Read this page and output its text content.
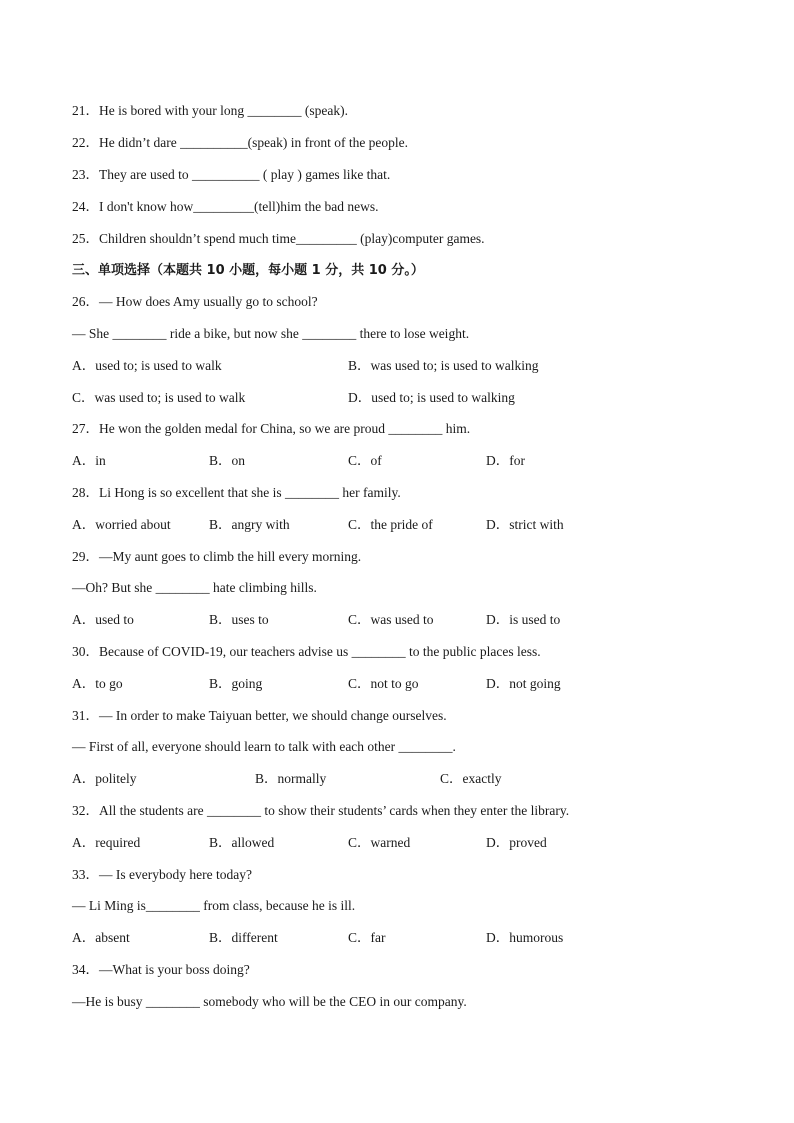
21．He is bored with your long ________ (speak).
22．He didn’t dare __________(speak) in front of the people.
23．They are used to __________ ( play ) games like that.
24．I don't know how_________(tell)him the bad news.
25．Children shouldn’t spend much time_________ (play)computer games.
三、单项选择（本题共 10 小题，每小题 1 分，共 10 分。）
26．— How does Amy usually go to school?
— She ________ ride a bike, but now she ________ there to lose weight.
A．used to; is used to walk	B．was used to; is used to walking
C．was used to; is used to walk	D．used to; is used to walking
27．He won the golden medal for China, so we are proud ________ him.
A．in	B．on	C．of	D．for
28．Li Hong is so excellent that she is ________ her family.
A．worried about	B．angry with	C．the pride of	D．strict with
29．—My aunt goes to climb the hill every morning.
—Oh? But she ________ hate climbing hills.
A．used to	B．uses to	C．was used to	D．is used to
30．Because of COVID-19, our teachers advise us ________ to the public places less.
A．to go	B．going	C．not to go	D．not going
31．— In order to make Taiyuan better, we should change ourselves.
— First of all, everyone should learn to talk with each other ________.
A．politely	B．normally	C．exactly
32．All the students are ________ to show their students’ cards when they enter the library.
A．required	B．allowed	C．warned	D．proved
33．— Is everybody here today?
— Li Ming is________ from class, because he is ill.
A．absent	B．different	C．far	D．humorous
34．—What is your boss doing?
—He is busy ________ somebody who will be the CEO in our company.
